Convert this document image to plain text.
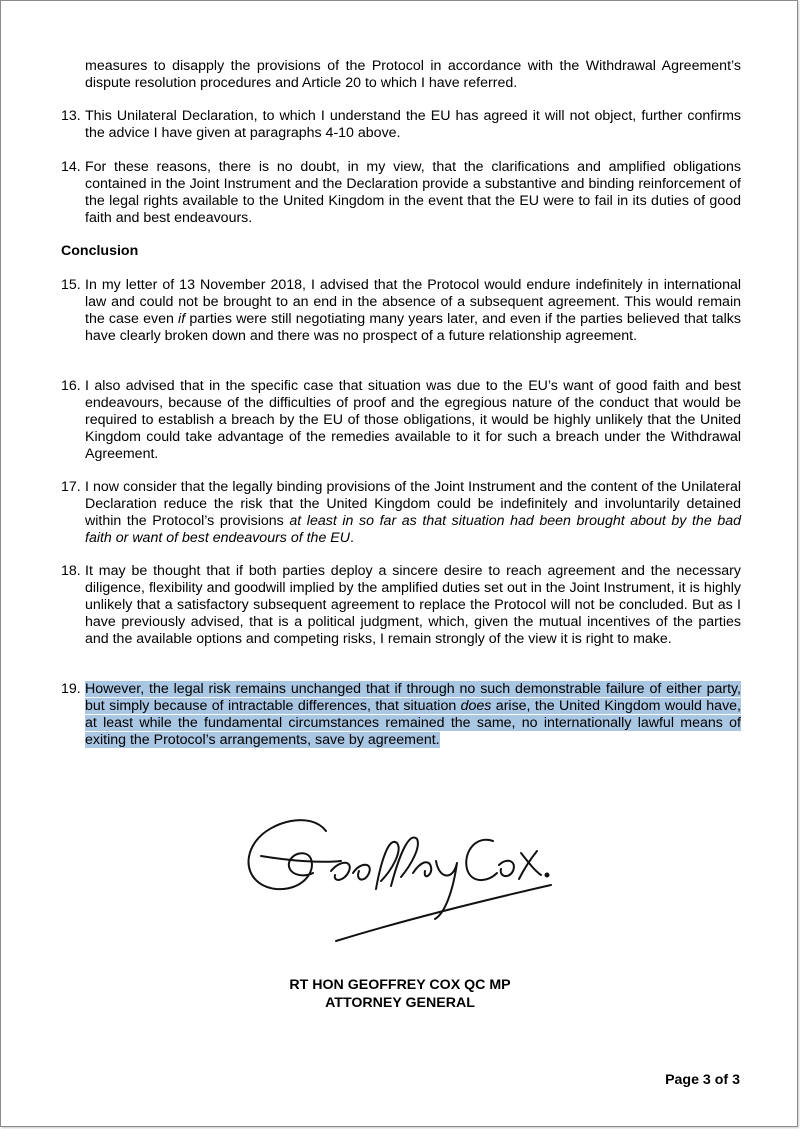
measures to disapply the provisions of the Protocol in accordance with the Withdrawal Agreement’s dispute resolution procedures and Article 20 to which I have referred.
13. This Unilateral Declaration, to which I understand the EU has agreed it will not object, further confirms the advice I have given at paragraphs 4-10 above.
14. For these reasons, there is no doubt, in my view, that the clarifications and amplified obligations contained in the Joint Instrument and the Declaration provide a substantive and binding reinforcement of the legal rights available to the United Kingdom in the event that the EU were to fail in its duties of good faith and best endeavours.
Conclusion
15. In my letter of 13 November 2018, I advised that the Protocol would endure indefinitely in international law and could not be brought to an end in the absence of a subsequent agreement. This would remain the case even if parties were still negotiating many years later, and even if the parties believed that talks have clearly broken down and there was no prospect of a future relationship agreement.
16. I also advised that in the specific case that situation was due to the EU’s want of good faith and best endeavours, because of the difficulties of proof and the egregious nature of the conduct that would be required to establish a breach by the EU of those obligations, it would be highly unlikely that the United Kingdom could take advantage of the remedies available to it for such a breach under the Withdrawal Agreement.
17. I now consider that the legally binding provisions of the Joint Instrument and the content of the Unilateral Declaration reduce the risk that the United Kingdom could be indefinitely and involuntarily detained within the Protocol’s provisions at least in so far as that situation had been brought about by the bad faith or want of best endeavours of the EU.
18. It may be thought that if both parties deploy a sincere desire to reach agreement and the necessary diligence, flexibility and goodwill implied by the amplified duties set out in the Joint Instrument, it is highly unlikely that a satisfactory subsequent agreement to replace the Protocol will not be concluded. But as I have previously advised, that is a political judgment, which, given the mutual incentives of the parties and the available options and competing risks, I remain strongly of the view it is right to make.
19. However, the legal risk remains unchanged that if through no such demonstrable failure of either party, but simply because of intractable differences, that situation does arise, the United Kingdom would have, at least while the fundamental circumstances remained the same, no internationally lawful means of exiting the Protocol’s arrangements, save by agreement.
RT HON GEOFFREY COX QC MP
ATTORNEY GENERAL
Page 3 of 3
